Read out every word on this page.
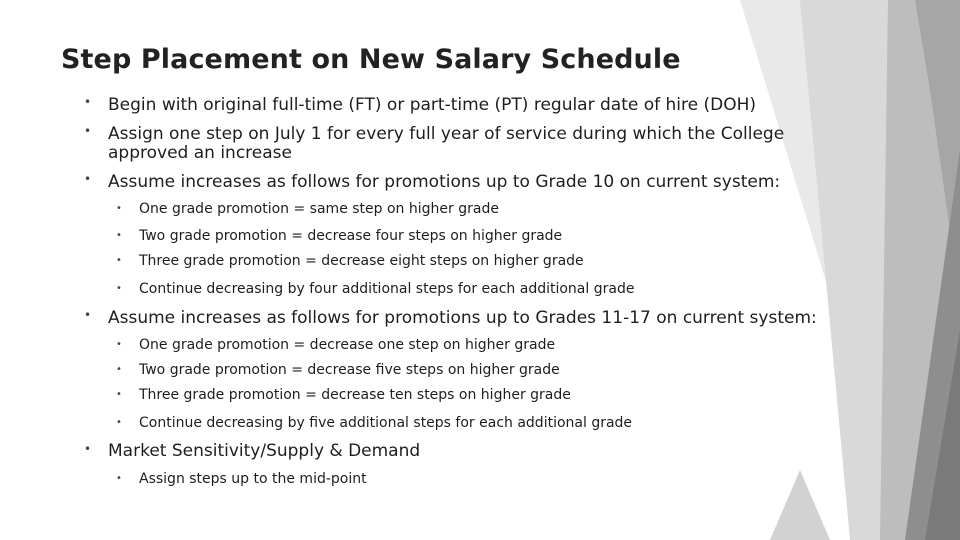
Step Placement on New Salary Schedule
• Begin with original full-time (FT) or part-time (PT) regular date of hire (DOH)
• Assign one step on July 1 for every full year of service during which the College
approved an increase
• Assume increases as follows for promotions up to Grade 10 on current system:
• One grade promotion = same step on higher grade
• Two grade promotion = decrease four steps on higher grade
• Three grade promotion = decrease eight steps on higher grade
• Continue decreasing by four additional steps for each additional grade
• Assume increases as follows for promotions up to Grades 11-17 on current system:
• One grade promotion = decrease one step on higher grade
• Two grade promotion = decrease five steps on higher grade
• Three grade promotion = decrease ten steps on higher grade
• Continue decreasing by five additional steps for each additional grade
• Market Sensitivity/Supply & Demand
• Assign steps up to the mid-point
